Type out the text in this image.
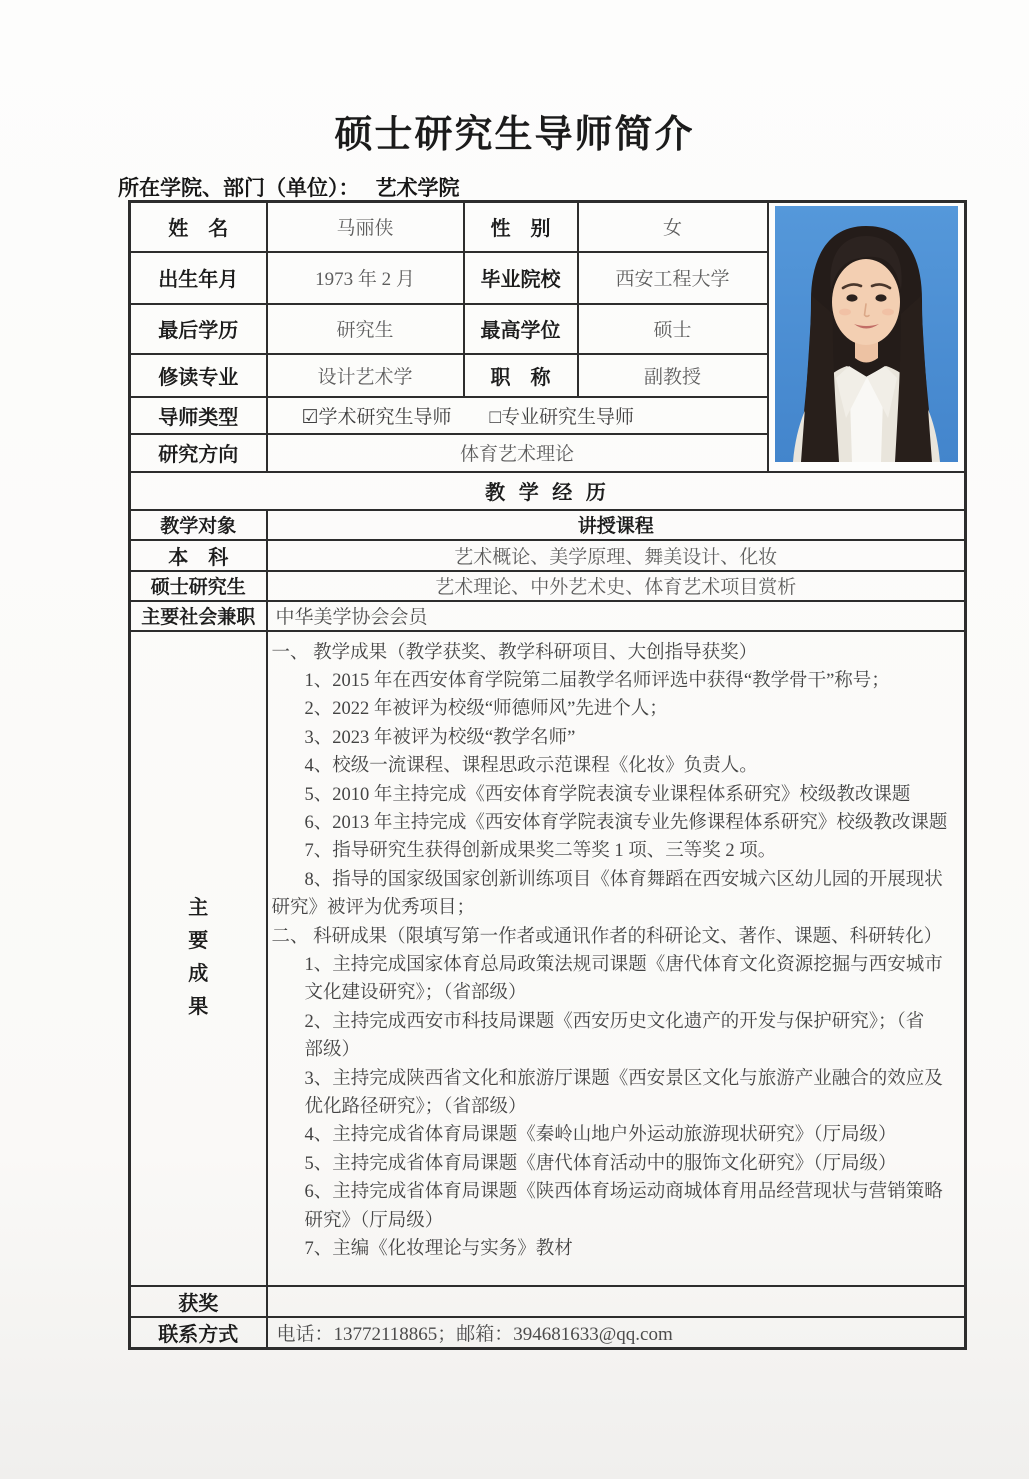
硕士研究生导师简介
所在学院、部门（单位）： 艺术学院
姓　名	马丽侠	性　别	女	

出生年月	1973 年 2 月	毕业院校	西安工程大学	
最后学历	研究生	最高学位	硕士	
修读专业	设计艺术学	职　称	副教授	
导师类型	☑学术研究生导师　　□专业研究生导师			
研究方向	体育艺术理论			
教 学 经 历				
教学对象	讲授课程			
本　科	艺术概论、美学原理、舞美设计、化妆			
硕士研究生	艺术理论、中外艺术史、体育艺术项目赏析			
主要社会兼职	中华美学协会会员			

主
要
成
果

一、 教学成果（教学获奖、教学科研项目、大创指导获奖）
1、2015 年在西安体育学院第二届教学名师评选中获得“教学骨干”称号；
2、2022 年被评为校级“师德师风”先进个人；
3、2023 年被评为校级“教学名师”
4、校级一流课程、课程思政示范课程《化妆》负责人。
5、2010 年主持完成《西安体育学院表演专业课程体系研究》校级教改课题
6、2013 年主持完成《西安体育学院表演专业先修课程体系研究》校级教改课题
7、指导研究生获得创新成果奖二等奖 1 项、三等奖 2 项。
8、指导的国家级国家创新训练项目《体育舞蹈在西安城六区幼儿园的开展现状
研究》被评为优秀项目；
二、 科研成果（限填写第一作者或通讯作者的科研论文、著作、课题、科研转化）
1、主持完成国家体育总局政策法规司课题《唐代体育文化资源挖掘与西安城市
文化建设研究》；（省部级）
2、主持完成西安市科技局课题《西安历史文化遗产的开发与保护研究》；（省
部级）
3、主持完成陕西省文化和旅游厅课题《西安景区文化与旅游产业融合的效应及
优化路径研究》；（省部级）
4、主持完成省体育局课题《秦岭山地户外运动旅游现状研究》（厅局级）
5、主持完成省体育局课题《唐代体育活动中的服饰文化研究》（厅局级）
6、主持完成省体育局课题《陕西体育场运动商城体育用品经营现状与营销策略
研究》（厅局级）
7、主编《化妆理论与实务》教材

获奖				
联系方式	电话：13772118865；邮箱：394681633@qq.com			
